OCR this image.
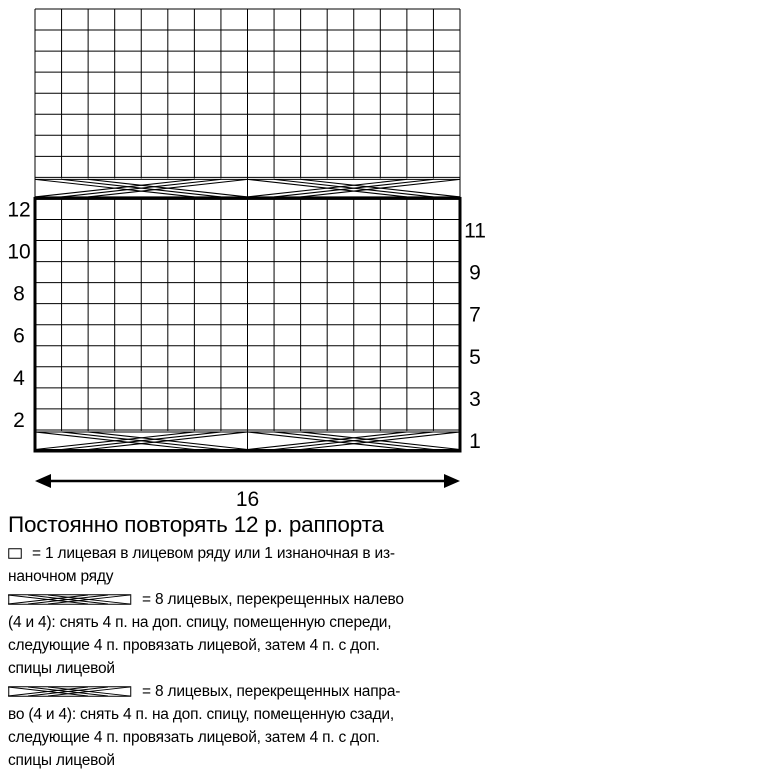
12
10
8
6
4
2
11
9
7
5
3
1
16
Постоянно повторять 12 р. раппорта
= 1 лицевая в лицевом ряду или 1 изнаночная в из-
наночном ряду
= 8 лицевых, перекрещенных налево
(4 и 4): снять 4 п. на доп. спицу, помещенную спереди,
следующие 4 п. провязать лицевой, затем 4 п. с доп.
спицы лицевой
= 8 лицевых, перекрещенных напра-
во (4 и 4): снять 4 п. на доп. спицу, помещенную сзади,
следующие 4 п. провязать лицевой, затем 4 п. с доп.
спицы лицевой
